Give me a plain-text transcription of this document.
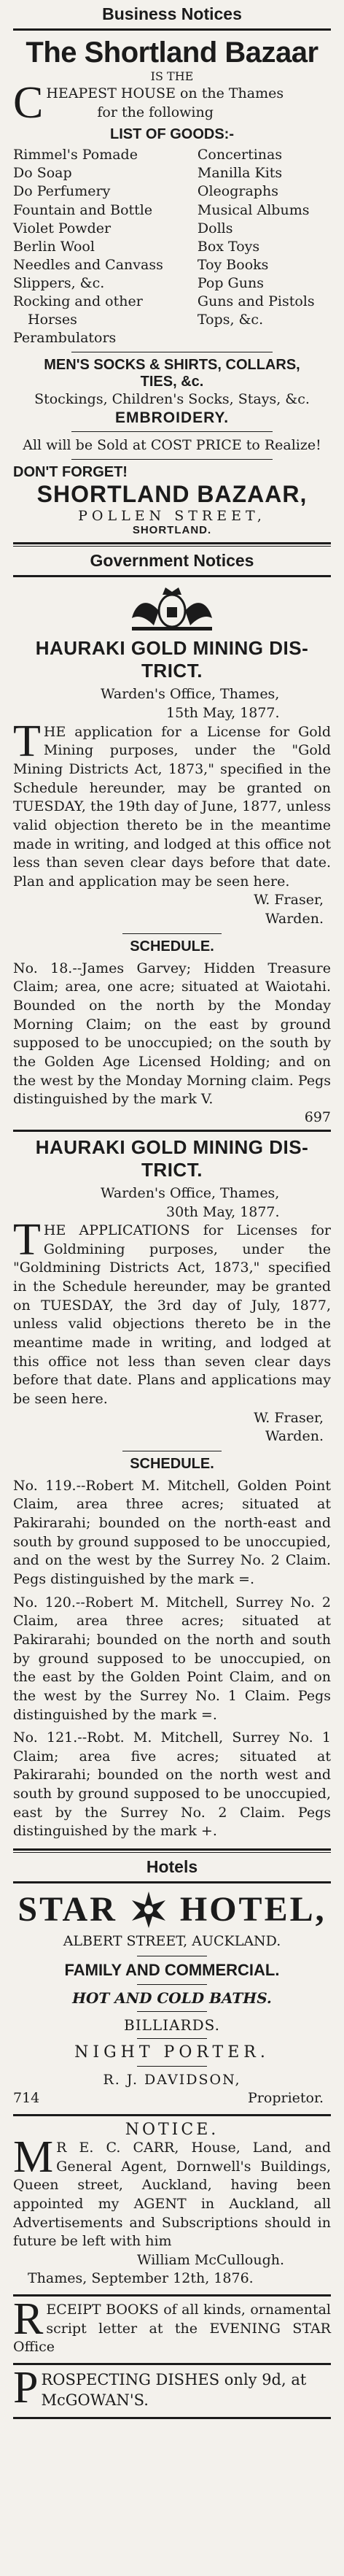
Business Notices
The Shortland Bazaar
IS THE
C HEAPEST HOUSE on the Thames
for the following
LIST OF GOODS:-
Rimmel's Pomade
Do Soap
Do Perfumery
Fountain and Bottle
Violet Powder
Berlin Wool
Needles and Canvass
Slippers, &c.
Rocking and other
Horses
Perambulators
Concertinas
Manilla Kits
Oleographs
Musical Albums
Dolls
Box Toys
Toy Books
Pop Guns
Guns and Pistols
Tops, &c.
MEN'S SOCKS & SHIRTS, COLLARS,
TIES, &c.
Stockings, Children's Socks, Stays, &c.
EMBROIDERY.
All will be Sold at COST PRICE to Realize!
DON'T FORGET!
SHORTLAND BAZAAR,
POLLEN STREET,
SHORTLAND.
Government Notices
HAURAKI GOLD MINING DIS-
TRICT.
Warden's Office, Thames,
15th May, 1877.
THE application for a License for Gold Mining purposes, under the "Gold Mining Districts Act, 1873," specified in the Schedule hereunder, may be granted on TUESDAY, the 19th day of June, 1877, unless valid objection thereto be in the meantime made in writing, and lodged at this office not less than seven clear days before that date. Plan and application may be seen here.
W. Fraser,
Warden.
SCHEDULE.
No. 18.--James Garvey; Hidden Treasure Claim; area, one acre; situated at Waiotahi. Bounded on the north by the Monday Morning Claim; on the east by ground supposed to be unoccupied; on the south by the Golden Age Licensed Holding; and on the west by the Monday Morning claim. Pegs distinguished by the mark V.
697
HAURAKI GOLD MINING DIS-
TRICT.
Warden's Office, Thames,
30th May, 1877.
THE APPLICATIONS for Licenses for Goldmining purposes, under the "Goldmining Districts Act, 1873," specified in the Schedule hereunder, may be granted on TUESDAY, the 3rd day of July, 1877, unless valid objections thereto be in the meantime made in writing, and lodged at this office not less than seven clear days before that date. Plans and applications may be seen here.
W. Fraser,
Warden.
SCHEDULE.
No. 119.--Robert M. Mitchell, Golden Point Claim, area three acres; situated at Pakirarahi; bounded on the north-east and south by ground supposed to be unoccupied, and on the west by the Surrey No. 2 Claim. Pegs distinguished by the mark =.
No. 120.--Robert M. Mitchell, Surrey No. 2 Claim, area three acres; situated at Pakirarahi; bounded on the north and south by ground supposed to be unoccupied, on the east by the Golden Point Claim, and on the west by the Surrey No. 1 Claim. Pegs distinguished by the mark =.
No. 121.--Robt. M. Mitchell, Surrey No. 1 Claim; area five acres; situated at Pakirarahi; bounded on the north west and south by ground supposed to be unoccupied, east by the Surrey No. 2 Claim. Pegs distinguished by the mark +.
Hotels
STAR HOTEL,
ALBERT STREET, AUCKLAND.
FAMILY AND COMMERCIAL.
HOT AND COLD BATHS.
BILLIARDS.
NIGHT PORTER.
R. J. DAVIDSON,
714	Proprietor.
NOTICE.
M R E. C. CARR, House, Land, and General Agent, Dornwell's Buildings, Queen street, Auckland, having been appointed my AGENT in Auckland, all Advertisements and Subscriptions should in future be left with him
William McCullough.
Thames, September 12th, 1876.
RECEIPT BOOKS of all kinds, ornamental script letter at the EVENING STAR Office
PROSPECTING DISHES only 9d, at McGOWAN'S.
